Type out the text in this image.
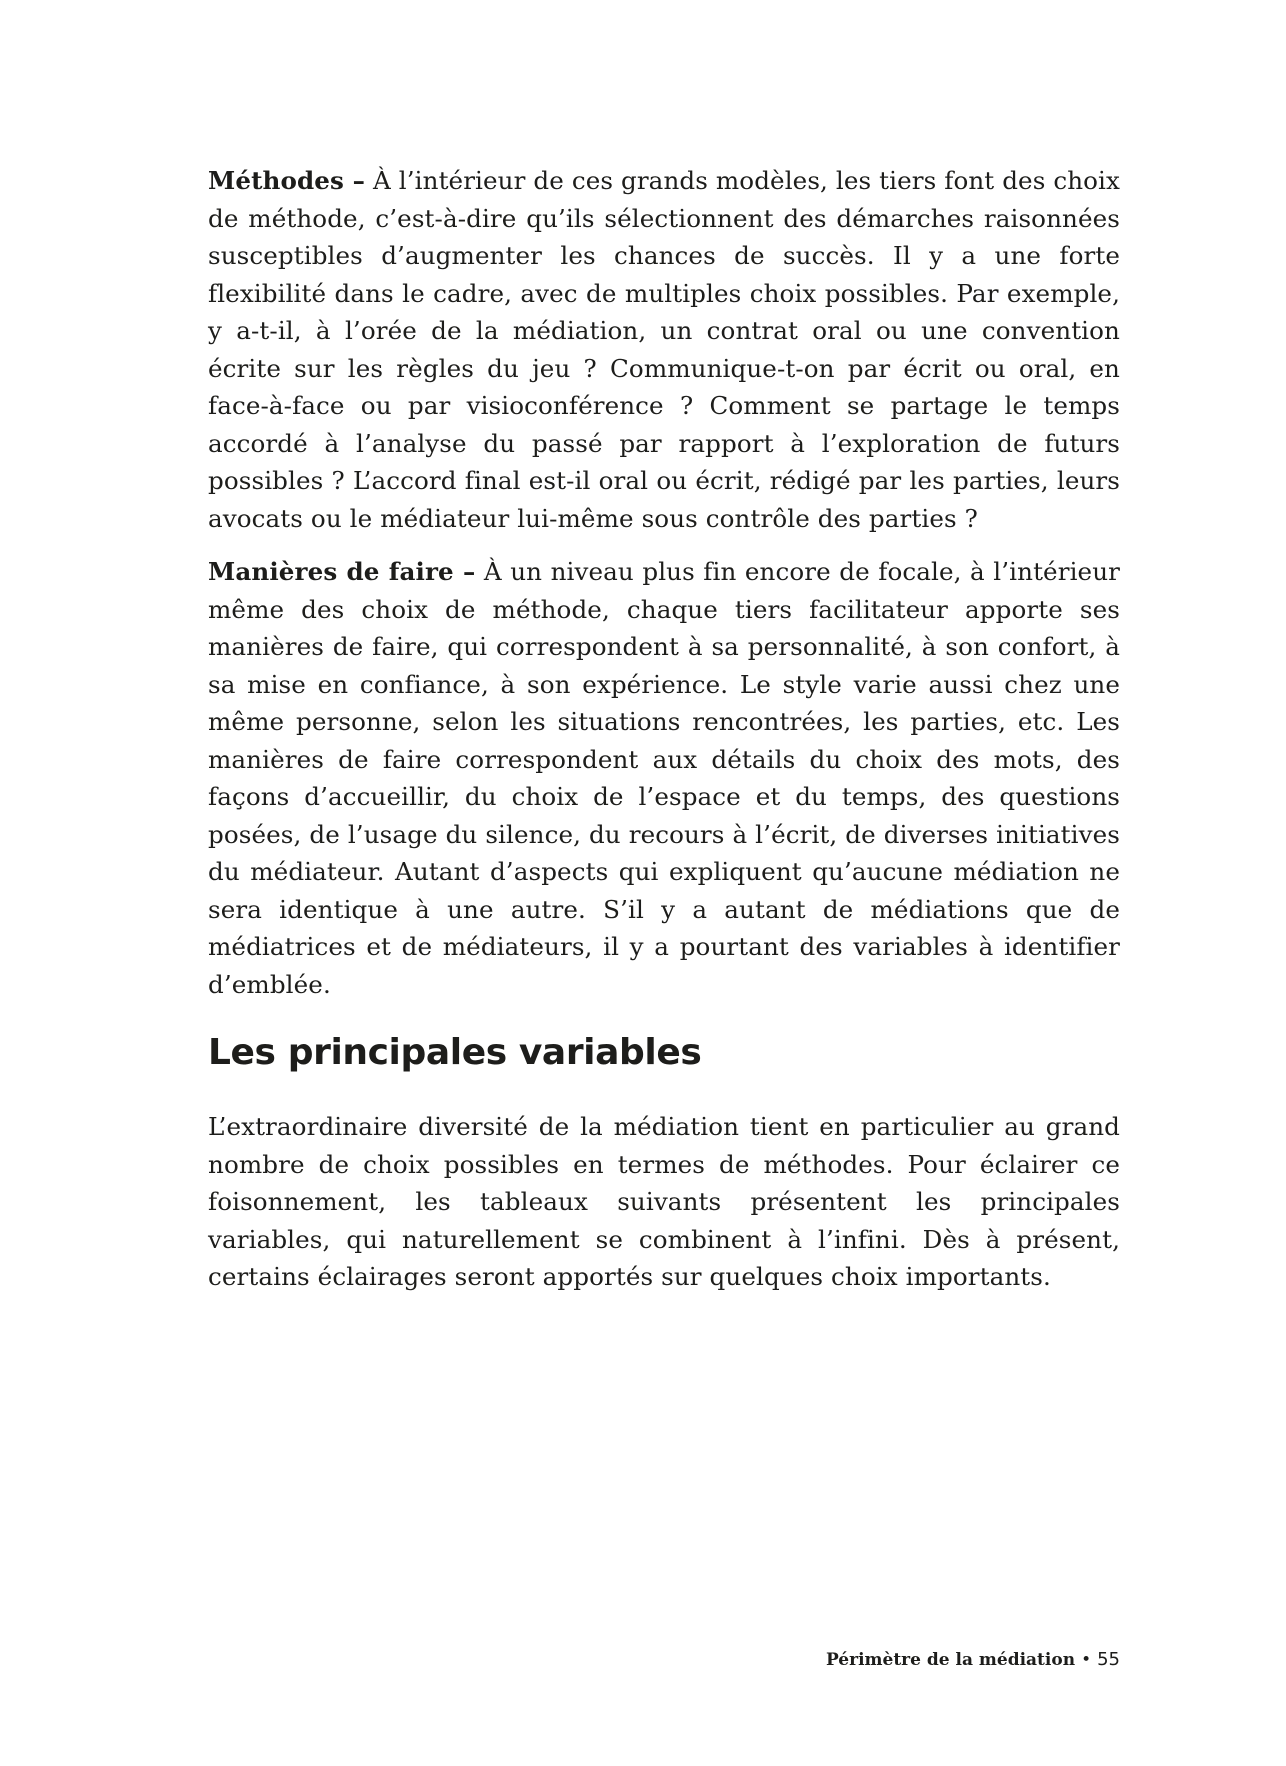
Méthodes – À l’intérieur de ces grands modèles, les tiers font des choix de méthode, c’est-à-dire qu’ils sélectionnent des démarches raisonnées susceptibles d’augmenter les chances de succès. Il y a une forte flexibilité dans le cadre, avec de multiples choix possibles. Par exemple, y a-t-il, à l’orée de la médiation, un contrat oral ou une convention écrite sur les règles du jeu ? Communique-t-on par écrit ou oral, en face-à-face ou par visioconférence ? Comment se partage le temps accordé à l’analyse du passé par rapport à l’exploration de futurs possibles ? L’accord final est-il oral ou écrit, rédigé par les parties, leurs avocats ou le médiateur lui-même sous contrôle des parties ?

Manières de faire – À un niveau plus fin encore de focale, à l’intérieur même des choix de méthode, chaque tiers facilitateur apporte ses manières de faire, qui correspondent à sa personnalité, à son confort, à sa mise en confiance, à son expérience. Le style varie aussi chez une même personne, selon les situations rencontrées, les parties, etc. Les manières de faire correspondent aux détails du choix des mots, des façons d’accueillir, du choix de l’espace et du temps, des questions posées, de l’usage du silence, du recours à l’écrit, de diverses initiatives du médiateur. Autant d’aspects qui expliquent qu’aucune médiation ne sera identique à une autre. S’il y a autant de médiations que de médiatrices et de médiateurs, il y a pourtant des variables à identifier d’emblée.

Les principales variables

L’extraordinaire diversité de la médiation tient en particulier au grand nombre de choix possibles en termes de méthodes. Pour éclairer ce foisonnement, les tableaux suivants présentent les principales variables, qui naturellement se combinent à l’infini. Dès à présent, certains éclairages seront apportés sur quelques choix importants.

Périmètre de la médiation • 55
